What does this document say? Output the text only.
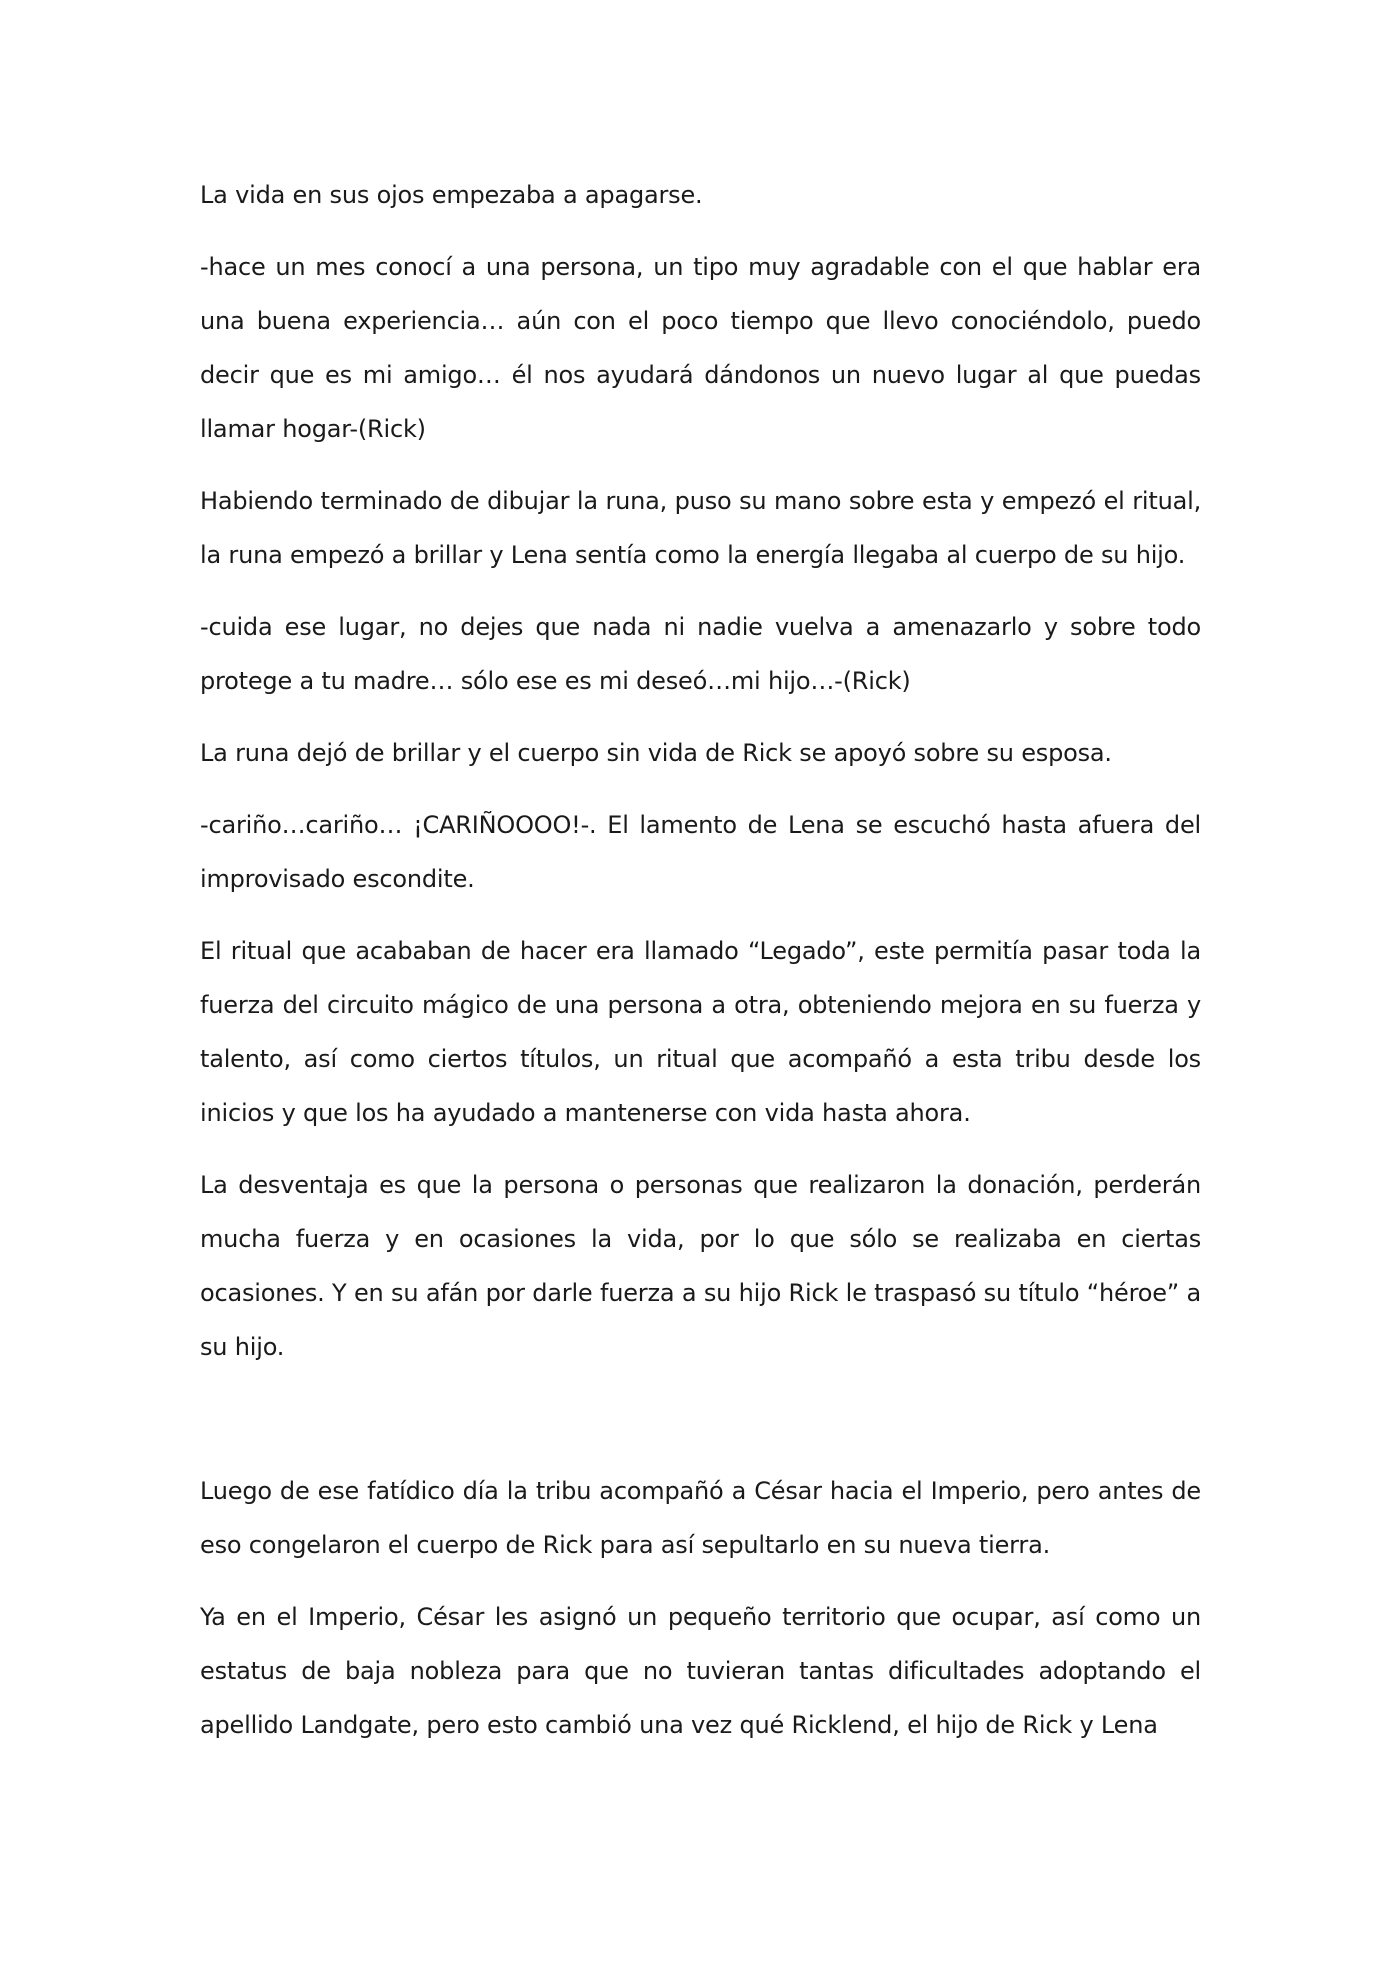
La vida en sus ojos empezaba a apagarse.

-hace un mes conocí a una persona, un tipo muy agradable con el que hablar era una buena experiencia… aún con el poco tiempo que llevo conociéndolo, puedo decir que es mi amigo… él nos ayudará dándonos un nuevo lugar al que puedas llamar hogar-(Rick)

Habiendo terminado de dibujar la runa, puso su mano sobre esta y empezó el ritual, la runa empezó a brillar y Lena sentía como la energía llegaba al cuerpo de su hijo.

-cuida ese lugar, no dejes que nada ni nadie vuelva a amenazarlo y sobre todo protege a tu madre… sólo ese es mi deseó…mi hijo…-(Rick)

La runa dejó de brillar y el cuerpo sin vida de Rick se apoyó sobre su esposa.

-cariño…cariño… ¡CARIÑOOOO!-. El lamento de Lena se escuchó hasta afuera del improvisado escondite.

El ritual que acababan de hacer era llamado “Legado”, este permitía pasar toda la fuerza del circuito mágico de una persona a otra, obteniendo mejora en su fuerza y talento, así como ciertos títulos, un ritual que acompañó a esta tribu desde los inicios y que los ha ayudado a mantenerse con vida hasta ahora.

La desventaja es que la persona o personas que realizaron la donación, perderán mucha fuerza y en ocasiones la vida, por lo que sólo se realizaba en ciertas ocasiones. Y en su afán por darle fuerza a su hijo Rick le traspasó su título “héroe” a su hijo.

Luego de ese fatídico día la tribu acompañó a César hacia el Imperio, pero antes de eso congelaron el cuerpo de Rick para así sepultarlo en su nueva tierra.

Ya en el Imperio, César les asignó un pequeño territorio que ocupar, así como un estatus de baja nobleza para que no tuvieran tantas dificultades adoptando el apellido Landgate, pero esto cambió una vez qué Ricklend, el hijo de Rick y Lena
